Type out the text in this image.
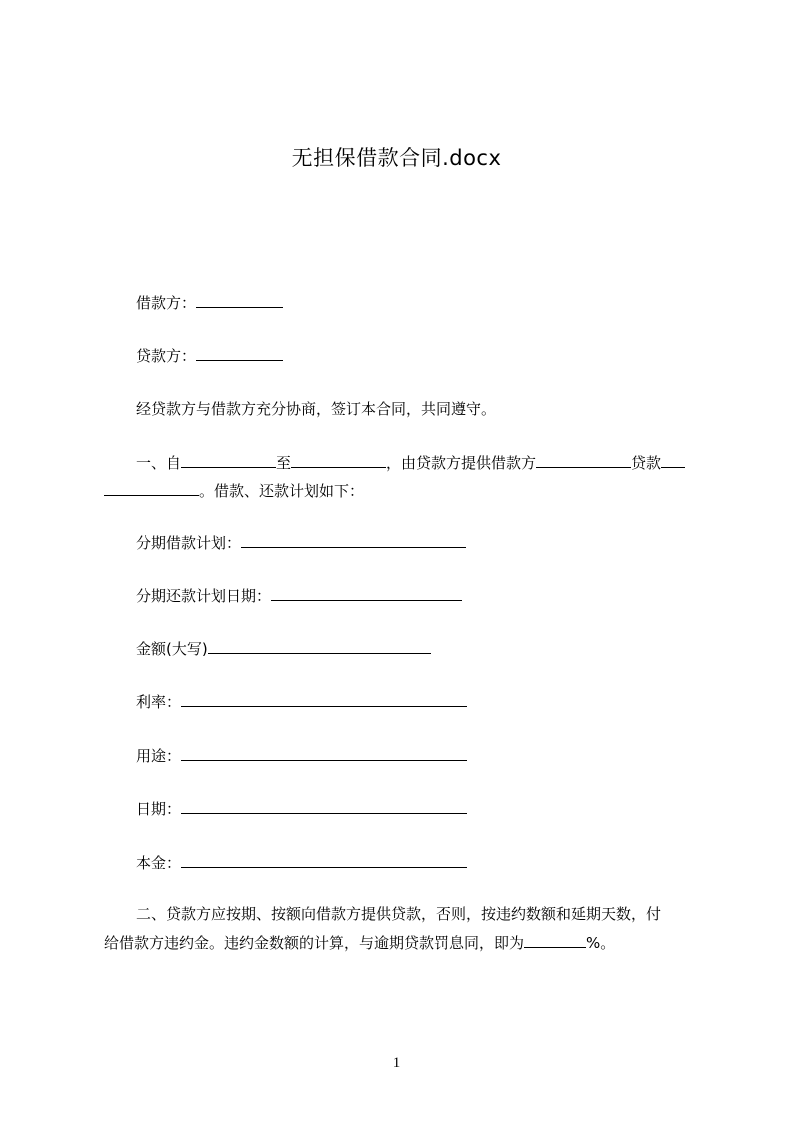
无担保借款合同.docx
借款方：
贷款方：
经贷款方与借款方充分协商，签订本合同，共同遵守。
一、自	至	，由贷款方提供借款方	贷款
。借款、还款计划如下：
分期借款计划：
分期还款计划日期：
金额(大写)
利率：
用途：
日期：
本金：
二、贷款方应按期、按额向借款方提供贷款，否则，按违约数额和延期天数，付
给借款方违约金。违约金数额的计算，与逾期贷款罚息同，即为	%。
1
